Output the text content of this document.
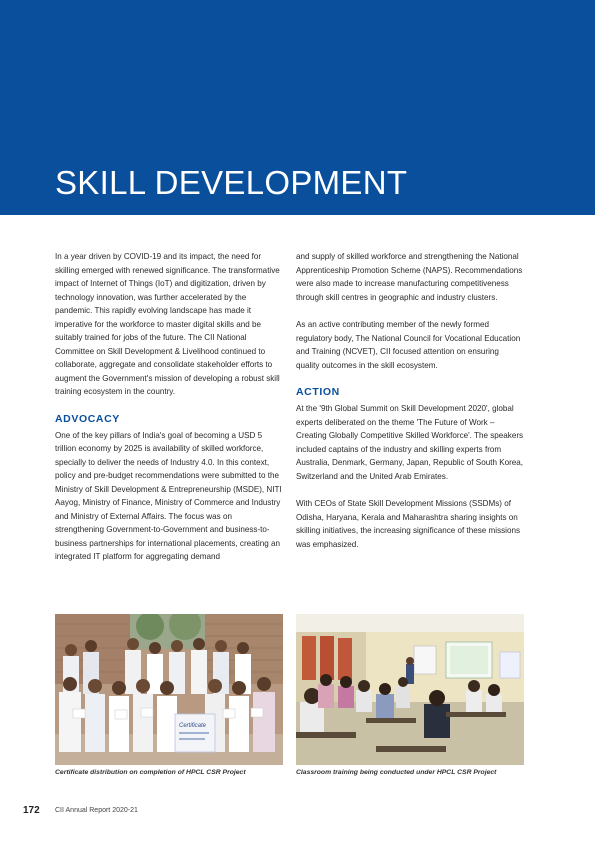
SKILL DEVELOPMENT

In a year driven by COVID-19 and its impact, the need for skilling emerged with renewed significance. The transformative impact of Internet of Things (IoT) and digitization, driven by technology innovation, was further accelerated by the pandemic. This rapidly evolving landscape has made it imperative for the workforce to master digital skills and be suitably trained for jobs of the future. The CII National Committee on Skill Development & Livelihood continued to collaborate, aggregate and consolidate stakeholder efforts to augment the Government's mission of developing a robust skill training ecosystem in the country.

ADVOCACY

One of the key pillars of India's goal of becoming a USD 5 trillion economy by 2025 is availability of skilled workforce, specially to deliver the needs of Industry 4.0. In this context, policy and pre-budget recommendations were submitted to the Ministry of Skill Development & Entrepreneurship (MSDE), NITI Aayog, Ministry of Finance, Ministry of Commerce and Industry and Ministry of External Affairs. The focus was on strengthening Government-to-Government and business-to-business partnerships for international placements, creating an integrated IT platform for aggregating demand

and supply of skilled workforce and strengthening the National Apprenticeship Promotion Scheme (NAPS). Recommendations were also made to increase manufacturing competitiveness through skill centres in geographic and industry clusters.

As an active contributing member of the newly formed regulatory body, The National Council for Vocational Education and Training (NCVET), CII focused attention on ensuring quality outcomes in the skill ecosystem.

ACTION

At the '9th Global Summit on Skill Development 2020', global experts deliberated on the theme 'The Future of Work – Creating Globally Competitive Skilled Workforce'. The speakers included captains of the industry and skilling experts from Australia, Denmark, Germany, Japan, Republic of South Korea, Switzerland and the United Arab Emirates.

With CEOs of State Skill Development Missions (SSDMs) of Odisha, Haryana, Kerala and Maharashtra sharing insights on skilling initiatives, the increasing significance of these missions was emphasized.

Certificate
Certificate distribution on completion of HPCL CSR Project	Classroom training being conducted under HPCL CSR Project
172 CII Annual Report 2020-21
